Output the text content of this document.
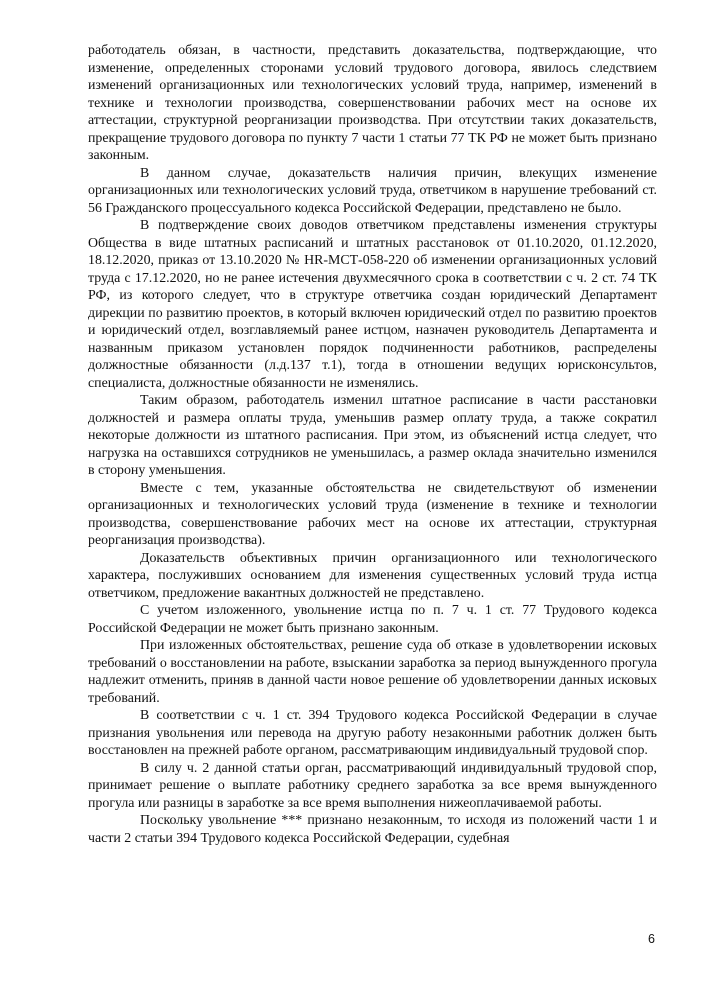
работодатель обязан, в частности, представить доказательства, подтверждающие, что изменение, определенных сторонами условий трудового договора, явилось следствием изменений организационных или технологических условий труда, например, изменений в технике и технологии производства, совершенствовании рабочих мест на основе их аттестации, структурной реорганизации производства. При отсутствии таких доказательств, прекращение трудового договора по пункту 7 части 1 статьи 77 ТК РФ не может быть признано законным.

В данном случае, доказательств наличия причин, влекущих изменение организационных или технологических условий труда, ответчиком в нарушение требований ст. 56 Гражданского процессуального кодекса Российской Федерации, представлено не было.

В подтверждение своих доводов ответчиком представлены изменения структуры Общества в виде штатных расписаний и штатных расстановок от 01.10.2020, 01.12.2020, 18.12.2020, приказ от 13.10.2020 № НR-МСТ-058-220 об изменении организационных условий труда с 17.12.2020, но не ранее истечения двухмесячного срока в соответствии с ч. 2 ст. 74 ТК РФ, из которого следует, что в структуре ответчика создан юридический Департамент дирекции по развитию проектов, в который включен юридический отдел по развитию проектов и юридический отдел, возглавляемый ранее истцом, назначен руководитель Департамента и названным приказом установлен порядок подчиненности работников, распределены должностные обязанности (л.д.137 т.1), тогда в отношении ведущих юрисконсультов, специалиста, должностные обязанности не изменялись.

Таким образом, работодатель изменил штатное расписание в части расстановки должностей и размера оплаты труда, уменьшив размер оплату труда, а также сократил некоторые должности из штатного расписания. При этом, из объяснений истца следует, что нагрузка на оставшихся сотрудников не уменьшилась, а размер оклада значительно изменился в сторону уменьшения.

Вместе с тем, указанные обстоятельства не свидетельствуют об изменении организационных и технологических условий труда (изменение в технике и технологии производства, совершенствование рабочих мест на основе их аттестации, структурная реорганизация производства).

Доказательств объективных причин организационного или технологического характера, послуживших основанием для изменения существенных условий труда истца ответчиком, предложение вакантных должностей не представлено.

С учетом изложенного, увольнение истца по п. 7 ч. 1 ст. 77 Трудового кодекса Российской Федерации не может быть признано законным.

При изложенных обстоятельствах, решение суда об отказе в удовлетворении исковых требований о восстановлении на работе, взыскании заработка за период вынужденного прогула надлежит отменить, приняв в данной части новое решение об удовлетворении данных исковых требований.

В соответствии с ч. 1 ст. 394 Трудового кодекса Российской Федерации в случае признания увольнения или перевода на другую работу незаконными работник должен быть восстановлен на прежней работе органом, рассматривающим индивидуальный трудовой спор.

В силу ч. 2 данной статьи орган, рассматривающий индивидуальный трудовой спор, принимает решение о выплате работнику среднего заработка за все время вынужденного прогула или разницы в заработке за все время выполнения нижеоплачиваемой работы.

Поскольку увольнение *** признано незаконным, то исходя из положений части 1 и части 2 статьи 394 Трудового кодекса Российской Федерации, судебная

6
